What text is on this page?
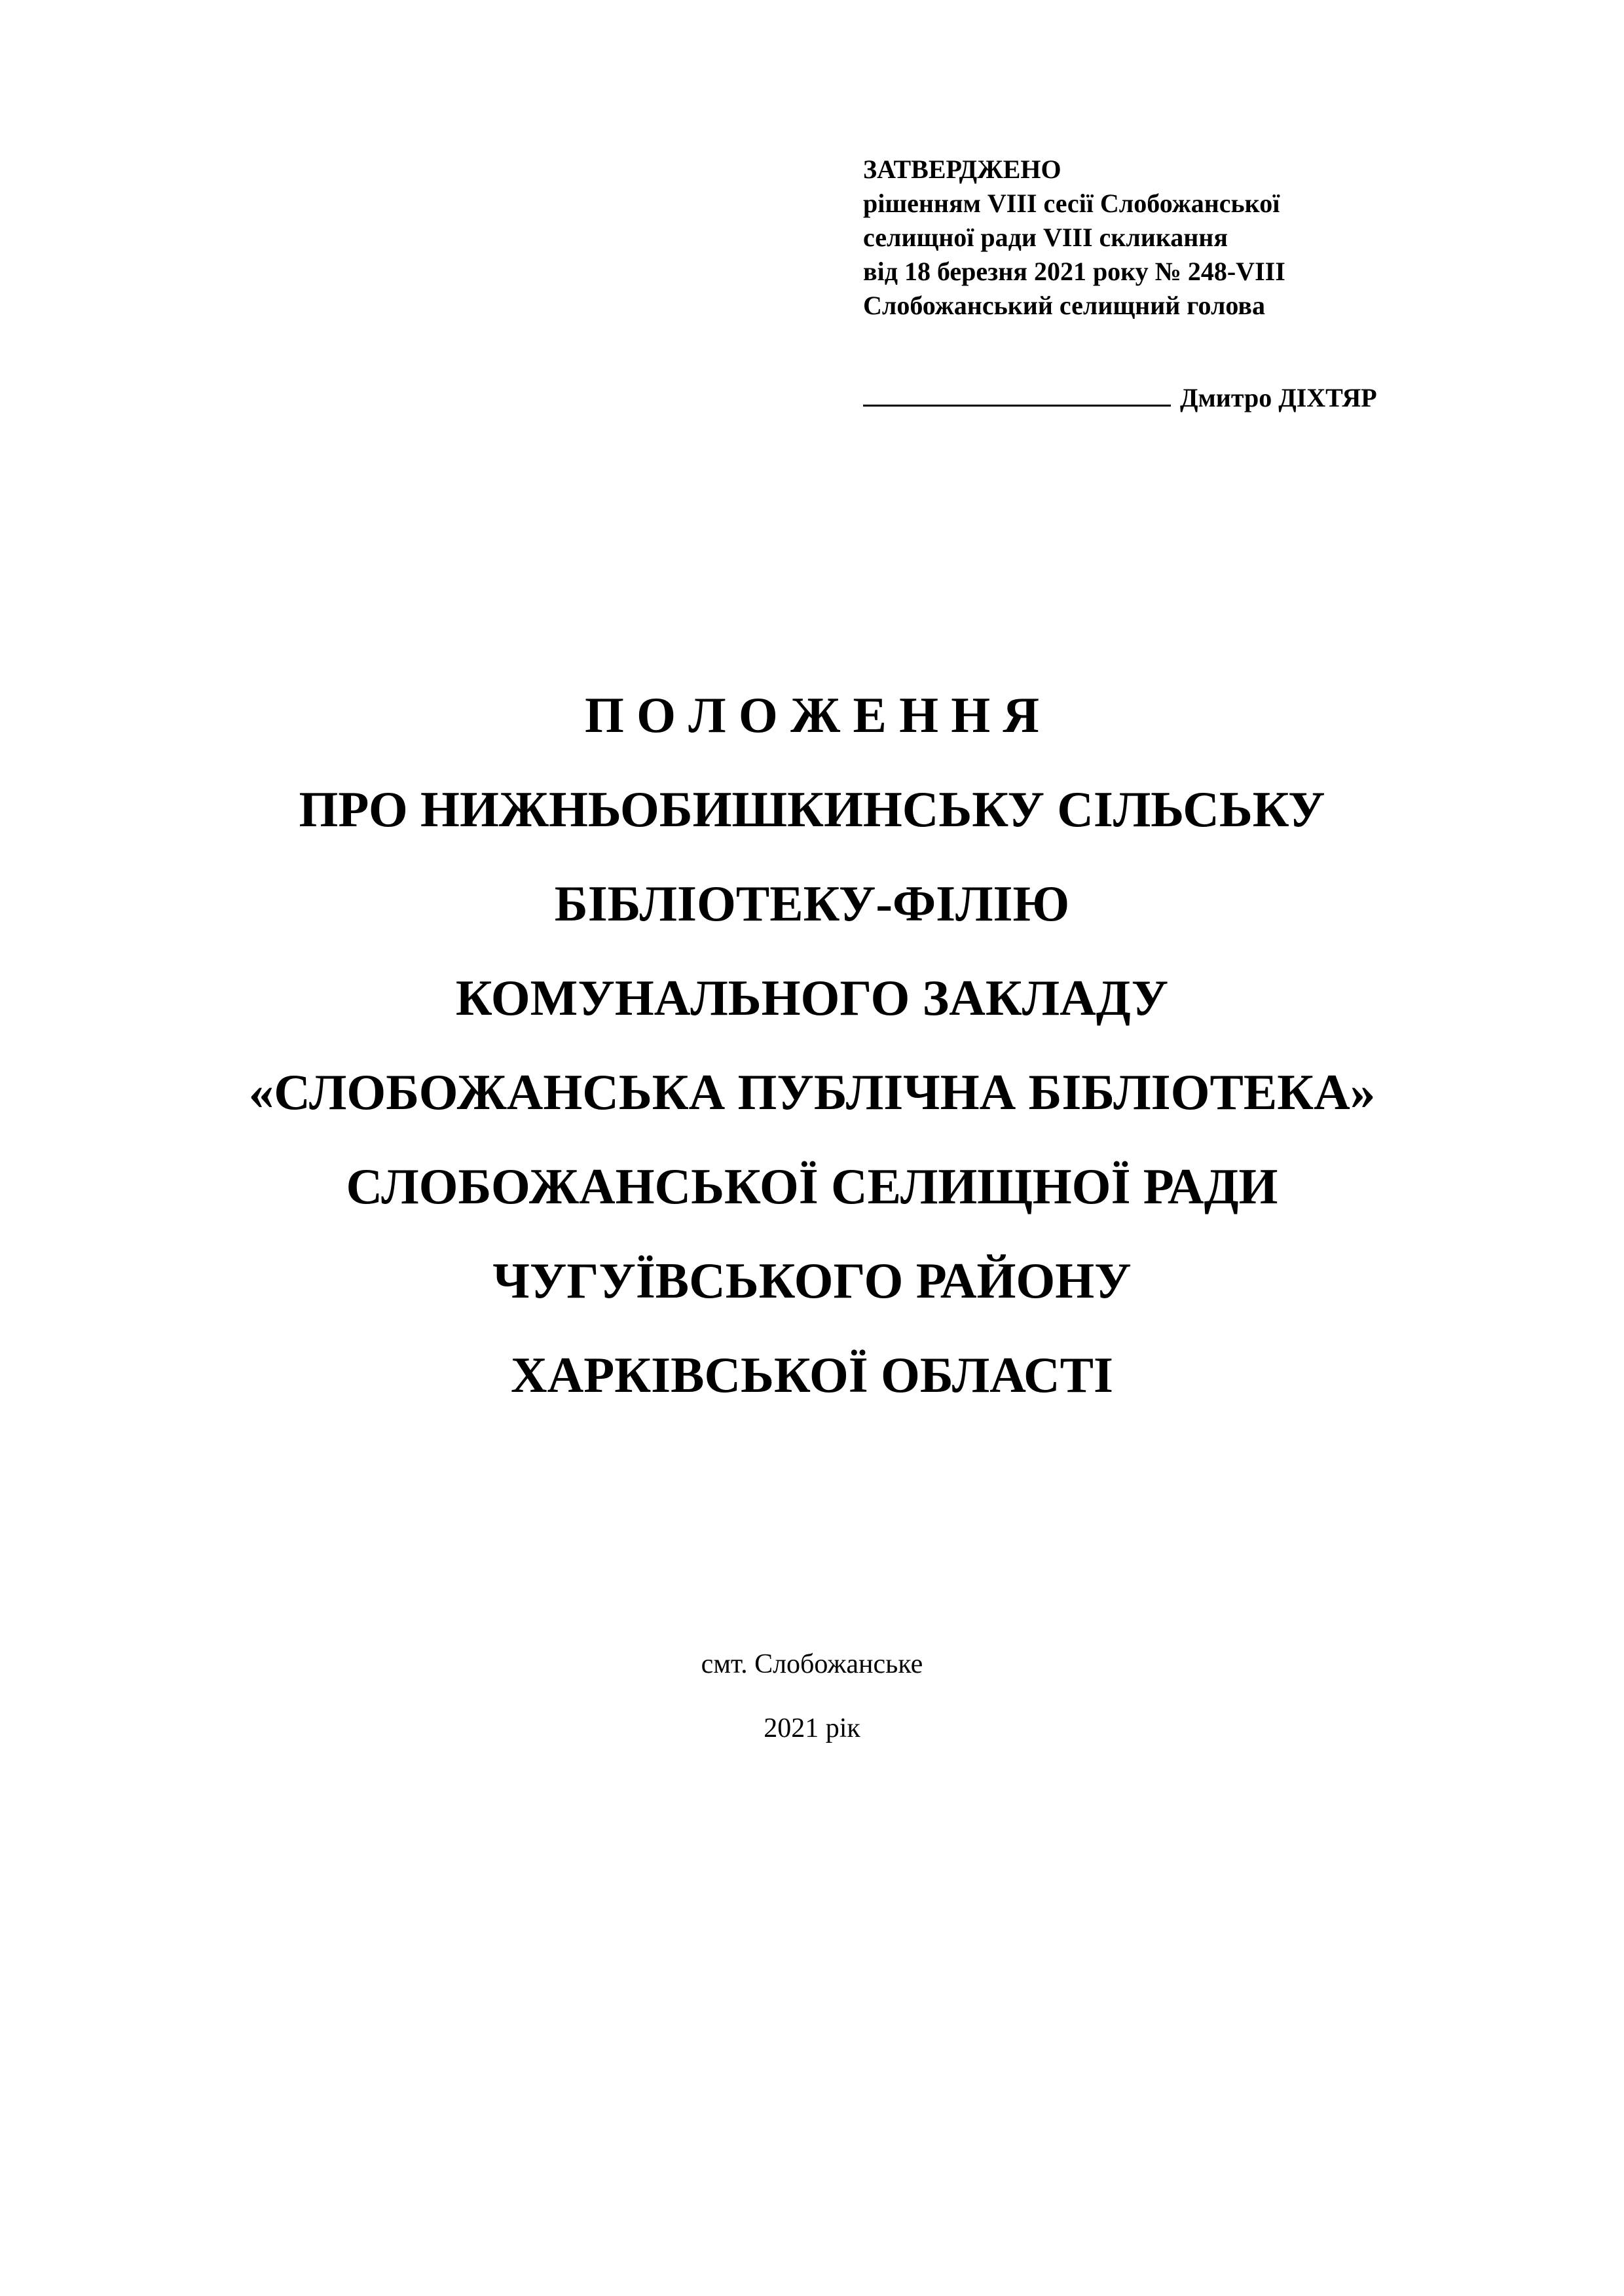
ЗАТВЕРДЖЕНО
рішенням VIII сесії Слобожанської
селищної ради VIII скликання
від 18 березня 2021 року № 248-VIII
Слобожанський селищний голова
Дмитро ДІХТЯР
П О Л О Ж Е Н Н Я
ПРО НИЖНЬОБИШКИНСЬКУ СІЛЬСЬКУ
БІБЛІОТЕКУ-ФІЛІЮ
КОМУНАЛЬНОГО ЗАКЛАДУ
«СЛОБОЖАНСЬКА ПУБЛІЧНА БІБЛІОТЕКА»
СЛОБОЖАНСЬКОЇ СЕЛИЩНОЇ РАДИ
ЧУГУЇВСЬКОГО РАЙОНУ
ХАРКІВСЬКОЇ ОБЛАСТІ
смт. Слобожанське
2021 рік
